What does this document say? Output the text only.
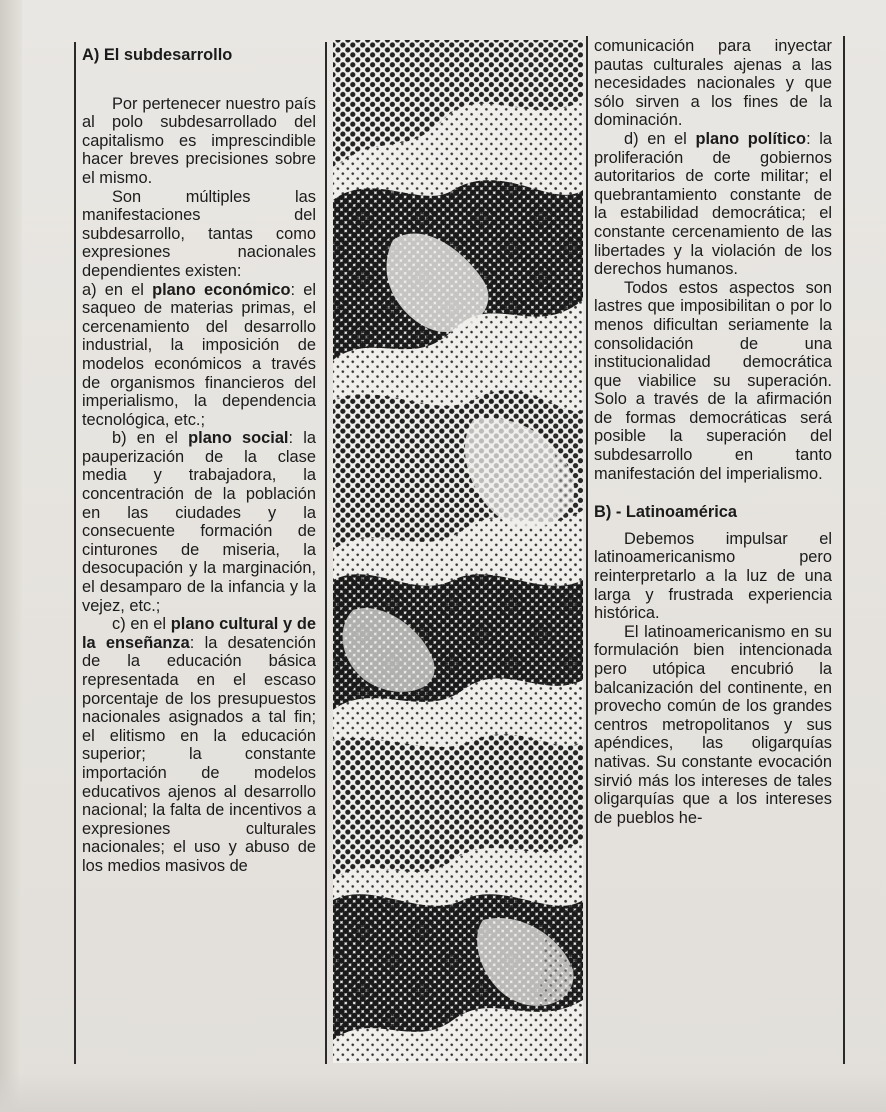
A) El subdesarrollo

Por pertenecer nuestro país al polo subdesarrollado del capitalismo es imprescindible hacer breves precisiones sobre el mismo.

Son múltiples las manifestaciones del subdesarrollo, tantas como expresiones nacionales dependientes existen:

a) en el plano económico: el saqueo de materias primas, el cercenamiento del desarrollo industrial, la imposición de modelos económicos a través de organismos financieros del imperialismo, la dependencia tecnológica, etc.;

b) en el plano social: la pauperización de la clase media y trabajadora, la concentración de la población en las ciudades y la consecuente formación de cinturones de miseria, la desocupación y la marginación, el desamparo de la infancia y la vejez, etc.;

c) en el plano cultural y de la enseñanza: la desatención de la educación básica representada en el escaso porcentaje de los presupuestos nacionales asignados a tal fin; el elitismo en la educación superior; la constante importación de modelos educativos ajenos al desarrollo nacional; la falta de incentivos a expresiones culturales nacionales; el uso y abuso de los medios masivos de

comunicación para inyectar pautas culturales ajenas a las necesidades nacionales y que sólo sirven a los fines de la dominación.

d) en el plano político: la proliferación de gobiernos autoritarios de corte militar; el quebrantamiento constante de la estabilidad democrática; el constante cercenamiento de las libertades y la violación de los derechos humanos.

Todos estos aspectos son lastres que imposibilitan o por lo menos dificultan seriamente la consolidación de una institucionalidad democrática que viabilice su superación. Solo a través de la afirmación de formas democráticas será posible la superación del subdesarrollo en tanto manifestación del imperialismo.

B) - Latinoamérica

Debemos impulsar el latinoamericanismo pero reinterpretarlo a la luz de una larga y frustrada experiencia histórica.

El latinoamericanismo en su formulación bien intencionada pero utópica encubrió la balcanización del continente, en provecho común de los grandes centros metropolitanos y sus apéndices, las oligarquías nativas. Su constante evocación sirvió más los intereses de tales oligarquías que a los intereses de pueblos he-
